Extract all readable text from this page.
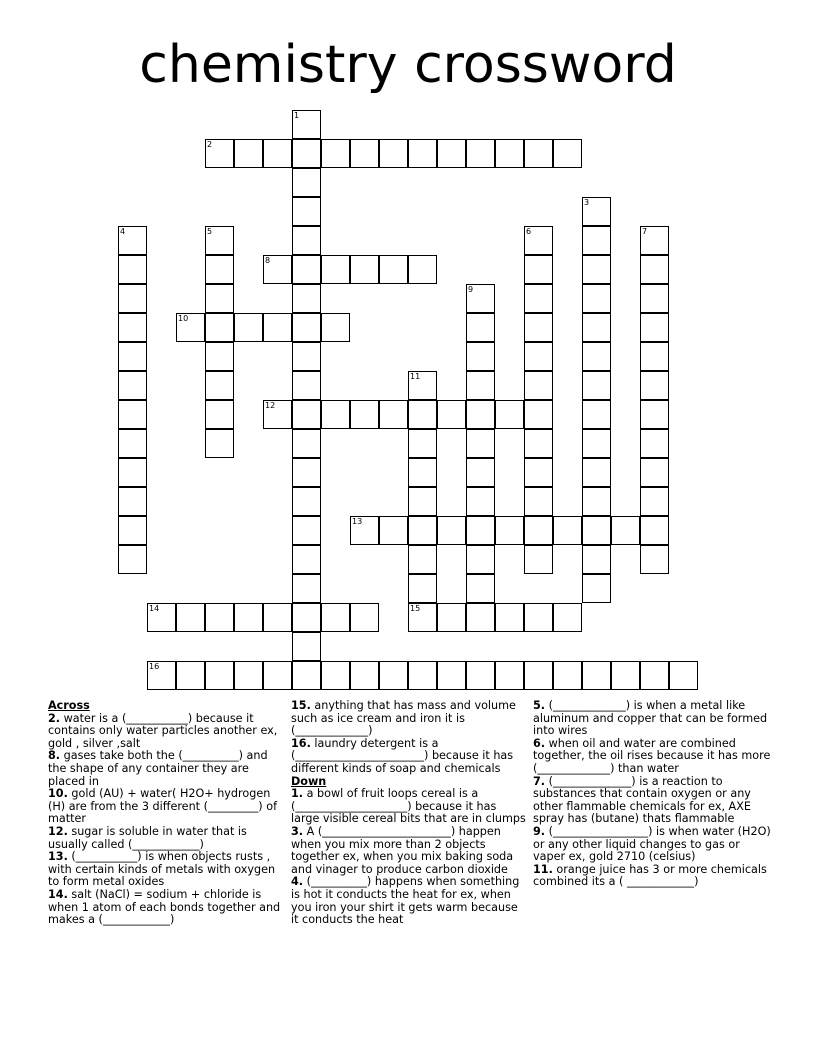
chemistry crossword
1
2
3
4	5	6	7
8
9
10
11
15
12
13
14
16
Across
2. water is a (___________) because it contains only water particles another ex, gold , silver ,salt
8. gases take both the (__________) and the shape of any container they are placed in
10. gold (AU) + water( H2O+ hydrogen (H) are from the 3 different (_________) of matter
12. sugar is soluble in water that is usually called (____________)
13. (___________) is when objects rusts , with certain kinds of metals with oxygen to form metal oxides
14. salt (NaCl) = sodium + chloride is when 1 atom of each bonds together and makes a (____________)
15. anything that has mass and volume such as ice cream and iron it is (_____________)
16. laundry detergent is a (_______________________) because it has different kinds of soap and chemicals
Down
1. a bowl of fruit loops cereal is a (____________________) because it has large visible cereal bits that are in clumps
3. A (_______________________) happen when you mix more than 2 objects together ex, when you mix baking soda and vinager to produce carbon dioxide
4. (__________) happens when something is hot it conducts the heat for ex, when you iron your shirt it gets warm because it conducts the heat
5. (_____________) is when a metal like aluminum and copper that can be formed into wires
6. when oil and water are combined together, the oil rises because it has more (_____________) than water
7. (______________) is a reaction to substances that contain oxygen or any other flammable chemicals for ex, AXE spray has (butane) thats flammable
9. (_________________) is when water (H2O) or any other liquid changes to gas or vaper ex, gold 2710 (celsius)
11. orange juice has 3 or more chemicals combined its a ( ____________)
